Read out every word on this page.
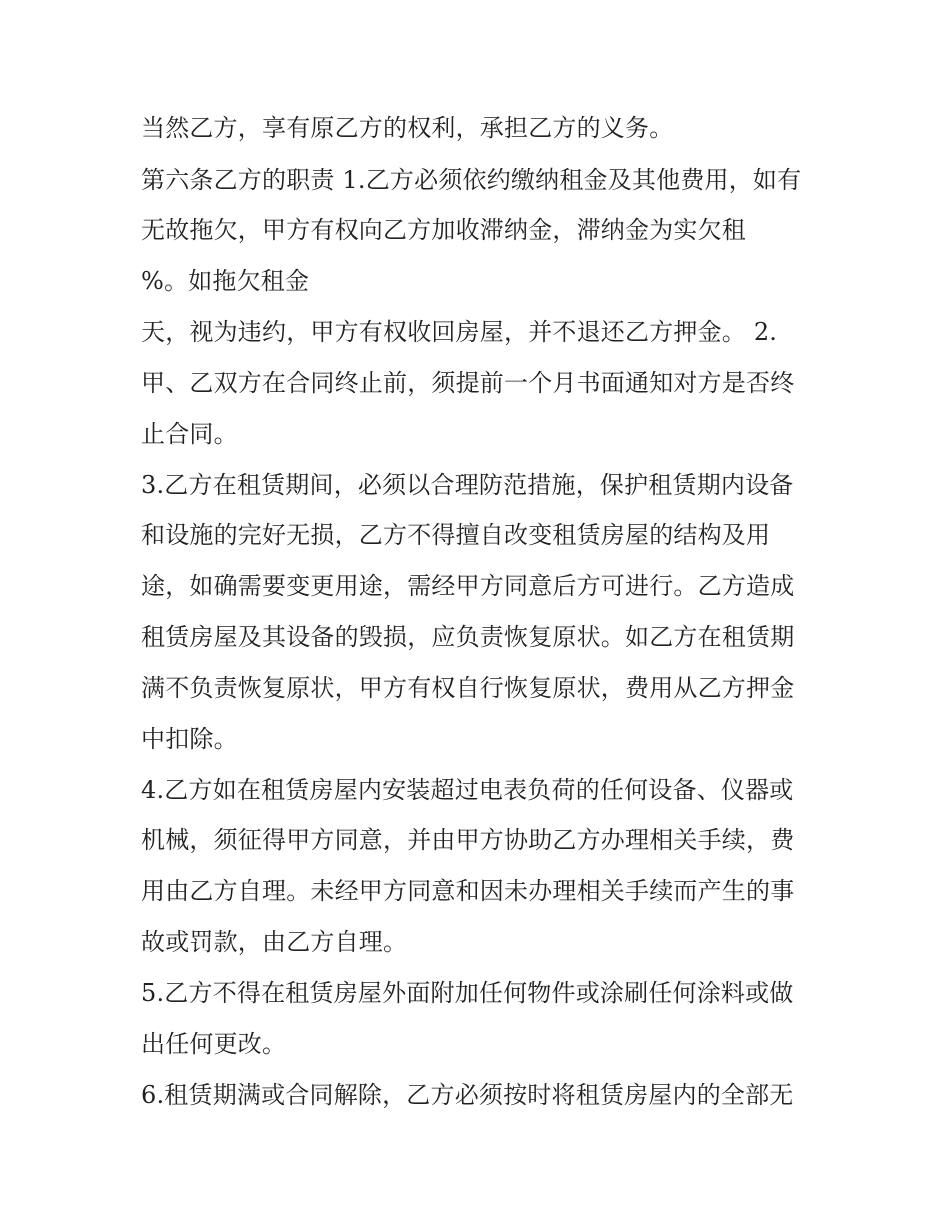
当然乙方，享有原乙方的权利，承担乙方的义务。
第六条乙方的职责 1.乙方必须依约缴纳租金及其他费用，如有
无故拖欠，甲方有权向乙方加收滞纳金，滞纳金为实欠租
%。如拖欠租金
天，视为违约，甲方有权收回房屋，并不退还乙方押金。 2.
甲、乙双方在合同终止前，须提前一个月书面通知对方是否终
止合同。
3.乙方在租赁期间，必须以合理防范措施，保护租赁期内设备
和设施的完好无损，乙方不得擅自改变租赁房屋的结构及用
途，如确需要变更用途，需经甲方同意后方可进行。乙方造成
租赁房屋及其设备的毁损，应负责恢复原状。如乙方在租赁期
满不负责恢复原状，甲方有权自行恢复原状，费用从乙方押金
中扣除。
4.乙方如在租赁房屋内安装超过电表负荷的任何设备、仪器或
机械，须征得甲方同意，并由甲方协助乙方办理相关手续，费
用由乙方自理。未经甲方同意和因未办理相关手续而产生的事
故或罚款，由乙方自理。
5.乙方不得在租赁房屋外面附加任何物件或涂刷任何涂料或做
出任何更改。
6.租赁期满或合同解除，乙方必须按时将租赁房屋内的全部无
